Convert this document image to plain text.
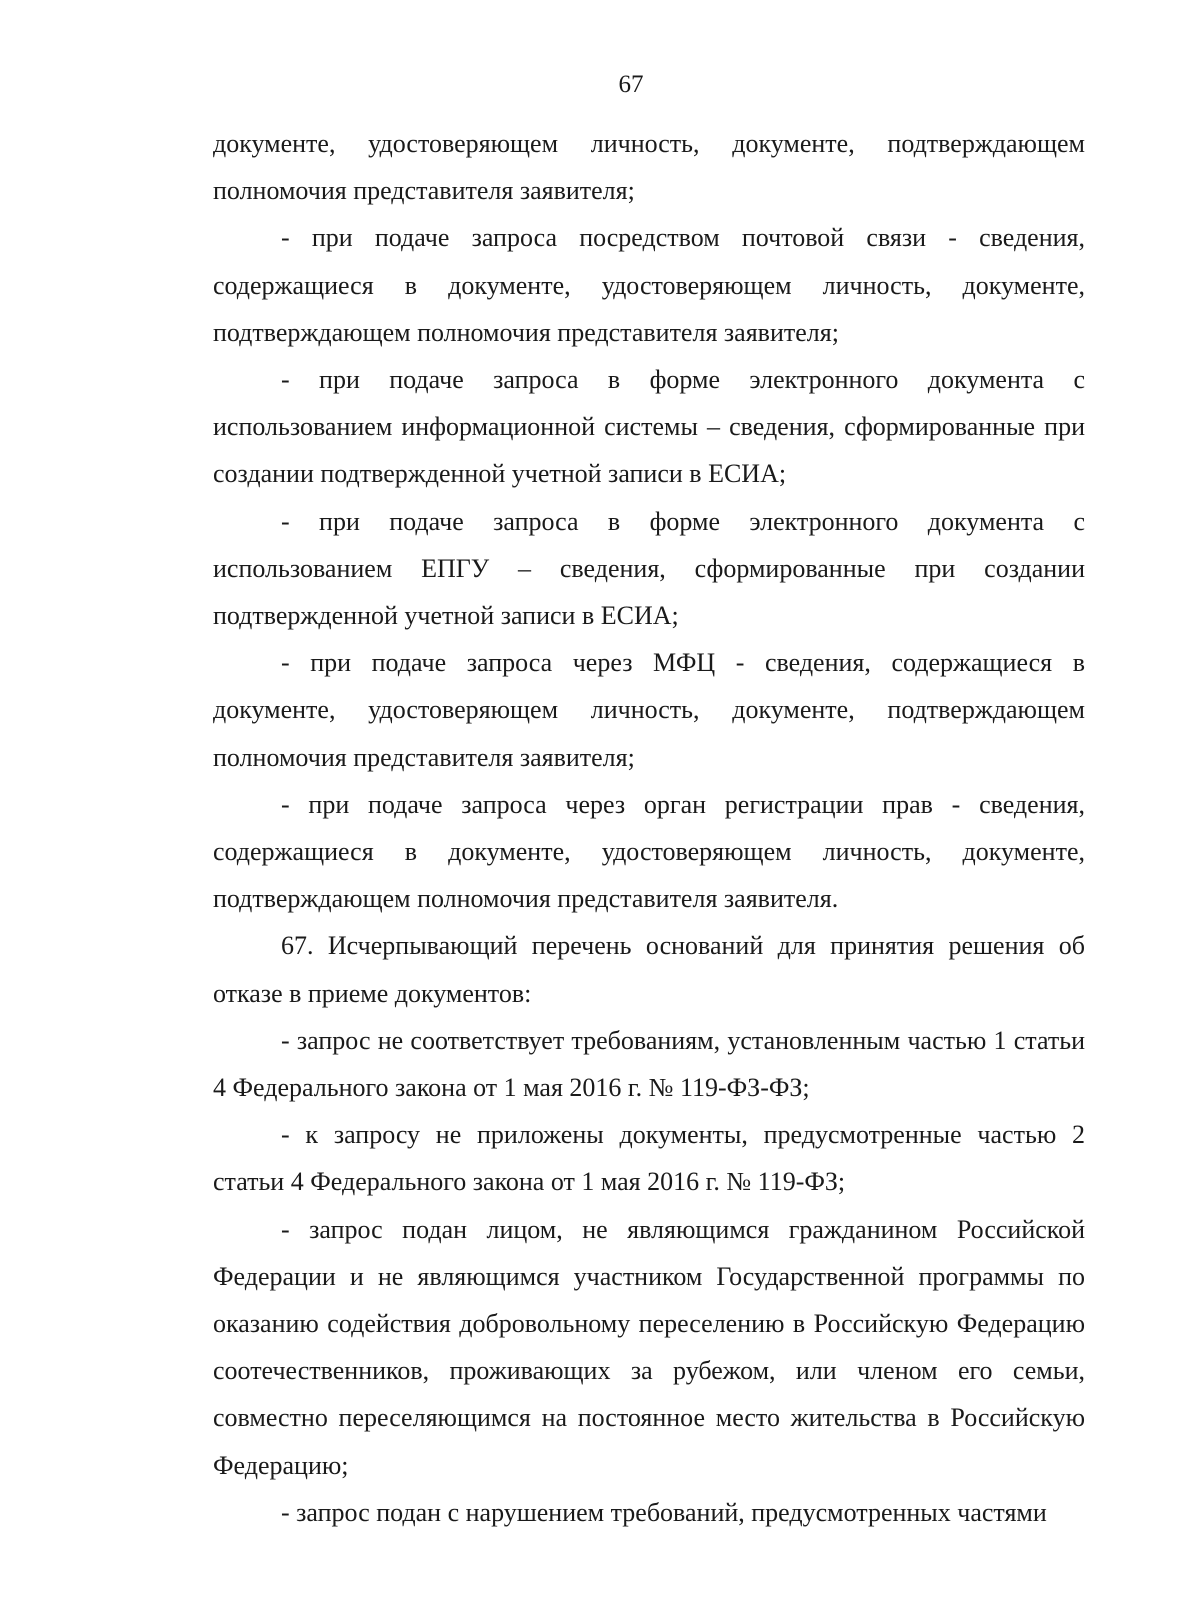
67

документе, удостоверяющем личность, документе, подтверждающем полномочия представителя заявителя;

- при подаче запроса посредством почтовой связи - сведения, содержащиеся в документе, удостоверяющем личность, документе, подтверждающем полномочия представителя заявителя;

- при подаче запроса в форме электронного документа с использованием информационной системы – сведения, сформированные при создании подтвержденной учетной записи в ЕСИА;

- при подаче запроса в форме электронного документа с использованием ЕПГУ – сведения, сформированные при создании подтвержденной учетной записи в ЕСИА;

- при подаче запроса через МФЦ - сведения, содержащиеся в документе, удостоверяющем личность, документе, подтверждающем полномочия представителя заявителя;

- при подаче запроса через орган регистрации прав - сведения, содержащиеся в документе, удостоверяющем личность, документе, подтверждающем полномочия представителя заявителя.

67. Исчерпывающий перечень оснований для принятия решения об отказе в приеме документов:

- запрос не соответствует требованиям, установленным частью 1 статьи 4 Федерального закона от 1 мая 2016 г. № 119-ФЗ-ФЗ;

- к запросу не приложены документы, предусмотренные частью 2 статьи 4 Федерального закона от 1 мая 2016 г. № 119-ФЗ;

- запрос подан лицом, не являющимся гражданином Российской Федерации и не являющимся участником Государственной программы по оказанию содействия добровольному переселению в Российскую Федерацию соотечественников, проживающих за рубежом, или членом его семьи, совместно переселяющимся на постоянное место жительства в Российскую Федерацию;

- запрос подан с нарушением требований, предусмотренных частями
